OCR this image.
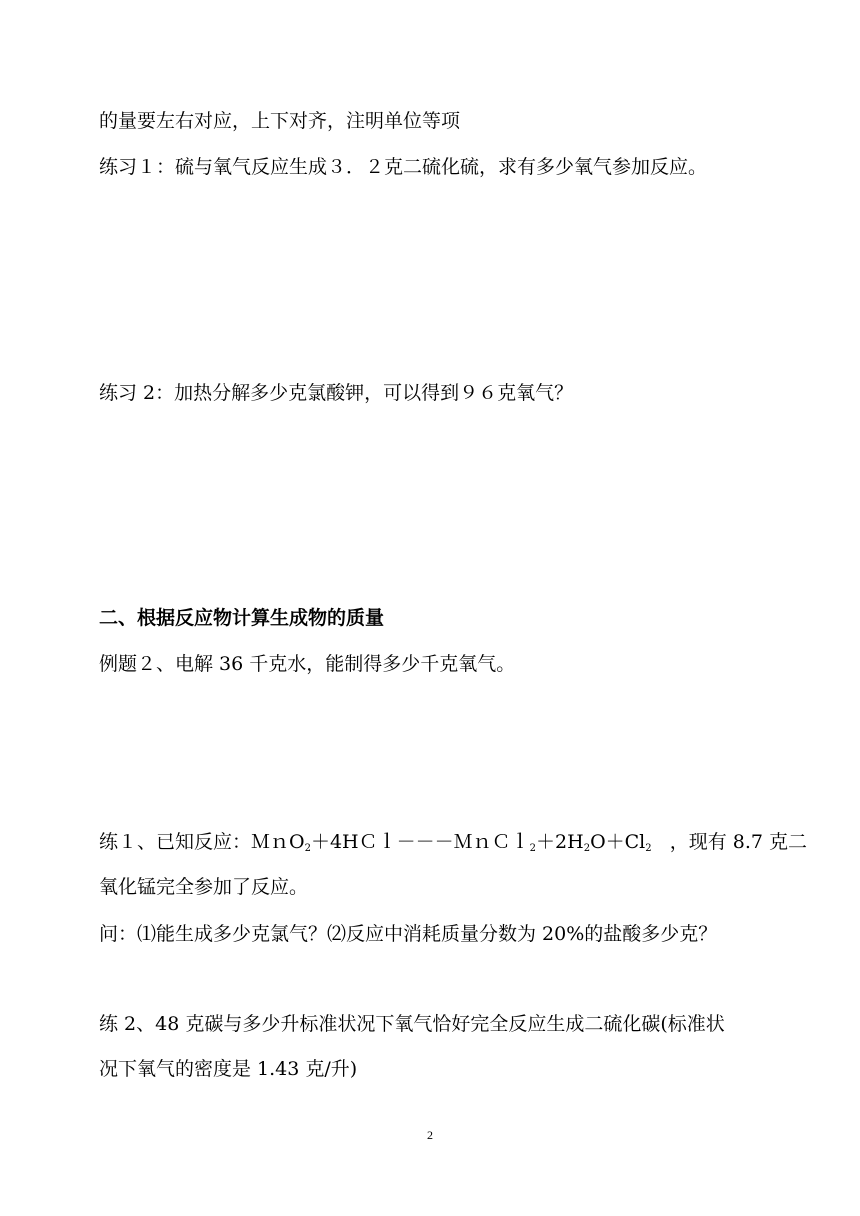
的量要左右对应，上下对齐，注明单位等项
练习１：硫与氧气反应生成３．２克二硫化硫，求有多少氧气参加反应。
练习 2：加热分解多少克氯酸钾，可以得到９６克氧气？
二、根据反应物计算生成物的质量
例题２、电解 36 千克水，能制得多少千克氧气。
练１、已知反应：$MnO_2+4HCl---MnCl_2+2H_2O+Cl_2$ ，现有 8.7 克二
氧化锰完全参加了反应。
问：⑴能生成多少克氯气？⑵反应中消耗质量分数为 20%的盐酸多少克？
练 2、48 克碳与多少升标准状况下氧气恰好完全反应生成二硫化碳(标准状
况下氧气的密度是 1.43 克/升)
2
